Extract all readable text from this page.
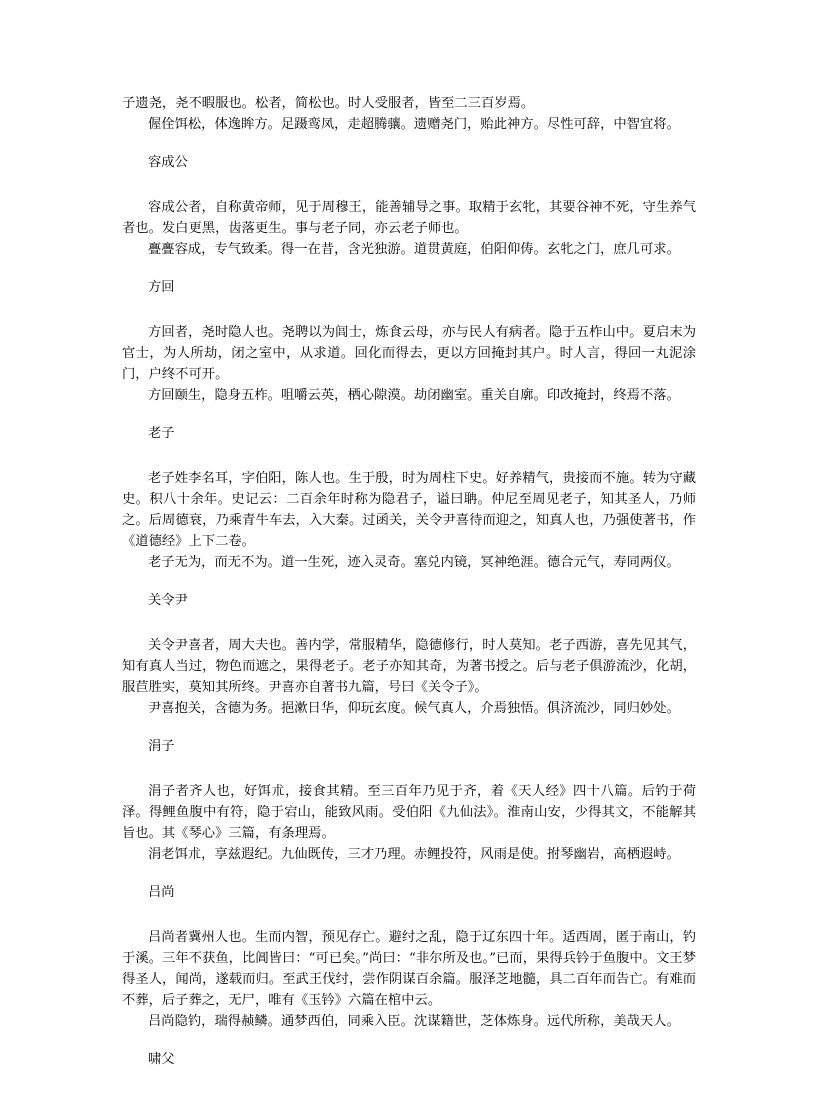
子遗尧，尧不暇服也。松者，简松也。时人受服者，皆至二三百岁焉。

偓佺饵松，体逸眸方。足蹑鸾凤，走超腾骧。遗赠尧门，贻此神方。尽性可辞，中智宜将。

容成公

容成公者，自称黄帝师，见于周穆王，能善辅导之事。取精于玄牝，其要谷神不死，守生养气者也。发白更黑，齿落更生。事与老子同，亦云老子师也。

亹亹容成，专气致柔。得一在昔，含光独游。道贯黄庭，伯阳仰俦。玄牝之门，庶几可求。

方回

方回者，尧时隐人也。尧聘以为闾士，炼食云母，亦与民人有病者。隐于五柞山中。夏启末为官士，为人所劫，闭之室中，从求道。回化而得去，更以方回掩封其户。时人言，得回一丸泥涂门，户终不可开。

方回颐生，隐身五柞。咀嚼云英，栖心隙漠。劫闭幽室。重关自廓。印改掩封，终焉不落。

老子

老子姓李名耳，字伯阳，陈人也。生于殷，时为周柱下史。好养精气，贵接而不施。转为守藏史。积八十余年。史记云：二百余年时称为隐君子，谥曰聃。仲尼至周见老子，知其圣人，乃师之。后周德衰，乃乘青牛车去，入大秦。过函关，关令尹喜待而迎之，知真人也，乃强使著书，作《道德经》上下二卷。

老子无为，而无不为。道一生死，迹入灵奇。塞兑内镜，冥神绝涯。德合元气，寿同两仪。

关令尹

关令尹喜者，周大夫也。善内学，常服精华，隐德修行，时人莫知。老子西游，喜先见其气，知有真人当过，物色而遮之，果得老子。老子亦知其奇，为著书授之。后与老子俱游流沙，化胡，服苣胜实，莫知其所终。尹喜亦自著书九篇，号曰《关令子》。

尹喜抱关，含德为务。挹漱日华，仰玩玄度。候气真人，介焉独悟。俱济流沙，同归妙处。

涓子

涓子者齐人也，好饵朮，接食其精。至三百年乃见于齐，着《天人经》四十八篇。后钓于荷泽。得鲤鱼腹中有符，隐于宕山，能致风雨。受伯阳《九仙法》。淮南山安，少得其文，不能解其旨也。其《琴心》三篇，有条理焉。

涓老饵朮，享兹遐纪。九仙既传，三才乃理。赤鲤投符，风雨是使。拊琴幽岩，高栖遐峙。

吕尚

吕尚者冀州人也。生而内智，预见存亡。避纣之乱，隐于辽东四十年。适西周，匿于南山，钓于溪。三年不获鱼，比阊皆曰：“可已矣。”尚曰：“非尔所及也。”已而，果得兵钤于鱼腹中。文王梦得圣人，闻尚，遂载而归。至武王伐纣，尝作阴谋百余篇。服泽芝地髓，具二百年而告亡。有难而不葬，后子葬之，无尸，唯有《玉钤》六篇在棺中云。

吕尚隐钓，瑞得赪鳞。通梦西伯，同乘入臣。沈谋籍世，芝体炼身。远代所称，美哉天人。

啸父
